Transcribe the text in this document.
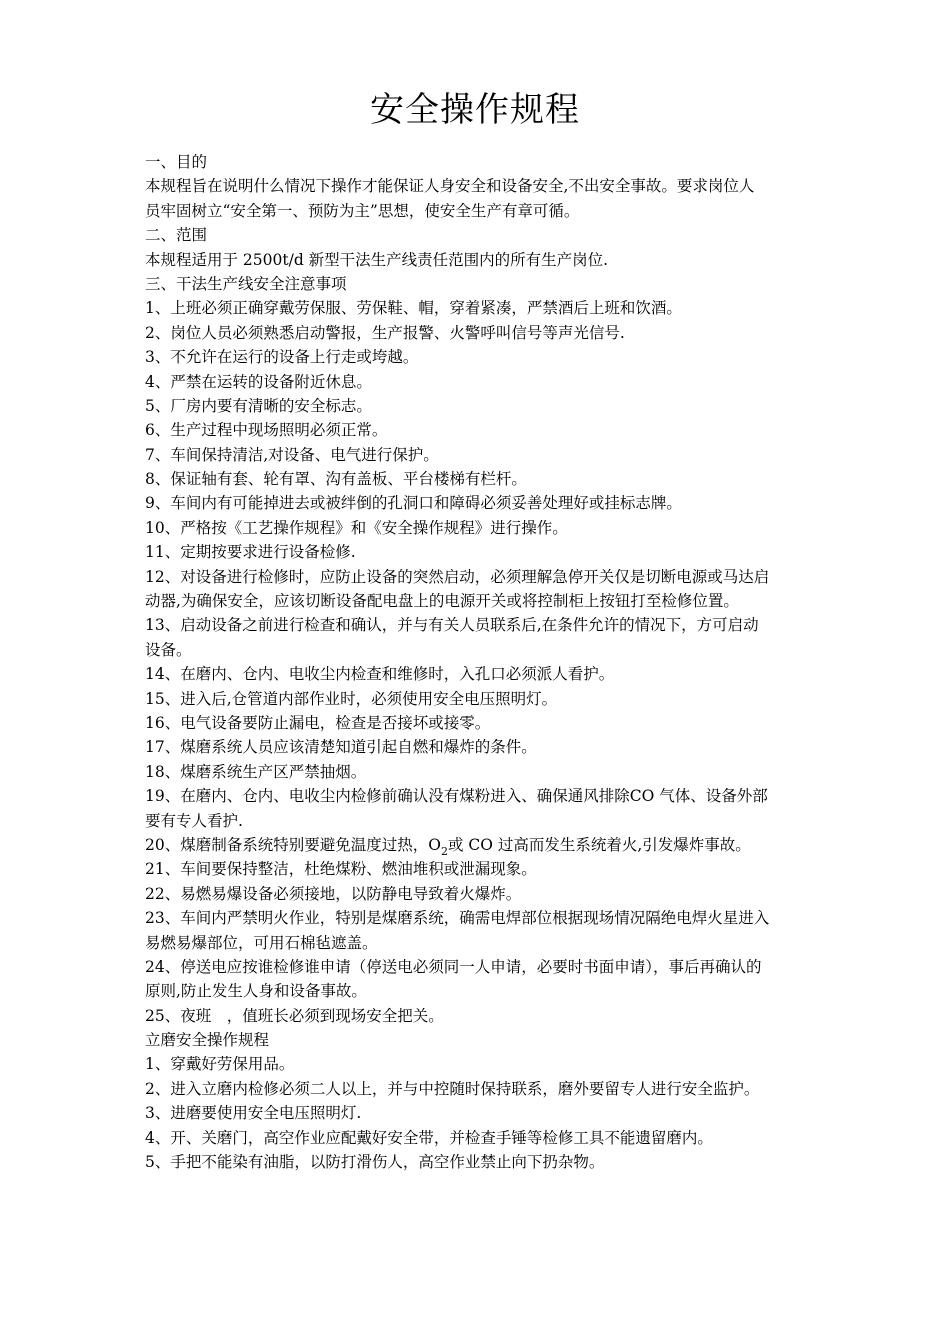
安全操作规程
一、目的
本规程旨在说明什么情况下操作才能保证人身安全和设备安全,不出安全事故。要求岗位人
员牢固树立“安全第一、预防为主”思想，使安全生产有章可循。
二、范围
本规程适用于 2500t/d 新型干法生产线责任范围内的所有生产岗位.
三、干法生产线安全注意事项
1、上班必须正确穿戴劳保服、劳保鞋、帽，穿着紧凑，严禁酒后上班和饮酒。
2、岗位人员必须熟悉启动警报，生产报警、火警呼叫信号等声光信号.
3、不允许在运行的设备上行走或垮越。
4、严禁在运转的设备附近休息。
5、厂房内要有清晰的安全标志。
6、生产过程中现场照明必须正常。
7、车间保持清洁,对设备、电气进行保护。
8、保证轴有套、轮有罩、沟有盖板、平台楼梯有栏杆。
9、车间内有可能掉进去或被绊倒的孔洞口和障碍必须妥善处理好或挂标志牌。
10、严格按《工艺操作规程》和《安全操作规程》进行操作。
11、定期按要求进行设备检修.
12、对设备进行检修时，应防止设备的突然启动，必须理解急停开关仅是切断电源或马达启
动器,为确保安全，应该切断设备配电盘上的电源开关或将控制柜上按钮打至检修位置。
13、启动设备之前进行检查和确认，并与有关人员联系后,在条件允许的情况下，方可启动
设备。
14、在磨内、仓内、电收尘内检查和维修时，入孔口必须派人看护。
15、进入后,仓管道内部作业时，必须使用安全电压照明灯。
16、电气设备要防止漏电，检查是否接坏或接零。
17、煤磨系统人员应该清楚知道引起自燃和爆炸的条件。
18、煤磨系统生产区严禁抽烟。
19、在磨内、仓内、电收尘内检修前确认没有煤粉进入、确保通风排除CO 气体、设备外部
要有专人看护.
20、煤磨制备系统特别要避免温度过热，$O_2$或 CO 过高而发生系统着火,引发爆炸事故。
21、车间要保持整洁，杜绝煤粉、燃油堆积或泄漏现象。
22、易燃易爆设备必须接地，以防静电导致着火爆炸。
23、车间内严禁明火作业，特别是煤磨系统，确需电焊部位根据现场情况隔绝电焊火星进入
易燃易爆部位，可用石棉毡遮盖。
24、停送电应按谁检修谁申请（停送电必须同一人申请，必要时书面申请），事后再确认的
原则,防止发生人身和设备事故。
25、夜班　，值班长必须到现场安全把关。
立磨安全操作规程
1、穿戴好劳保用品。
2、进入立磨内检修必须二人以上，并与中控随时保持联系，磨外要留专人进行安全监护。
3、进磨要使用安全电压照明灯.
4、开、关磨门，高空作业应配戴好安全带，并检查手锤等检修工具不能遗留磨内。
5、手把不能染有油脂，以防打滑伤人，高空作业禁止向下扔杂物。
